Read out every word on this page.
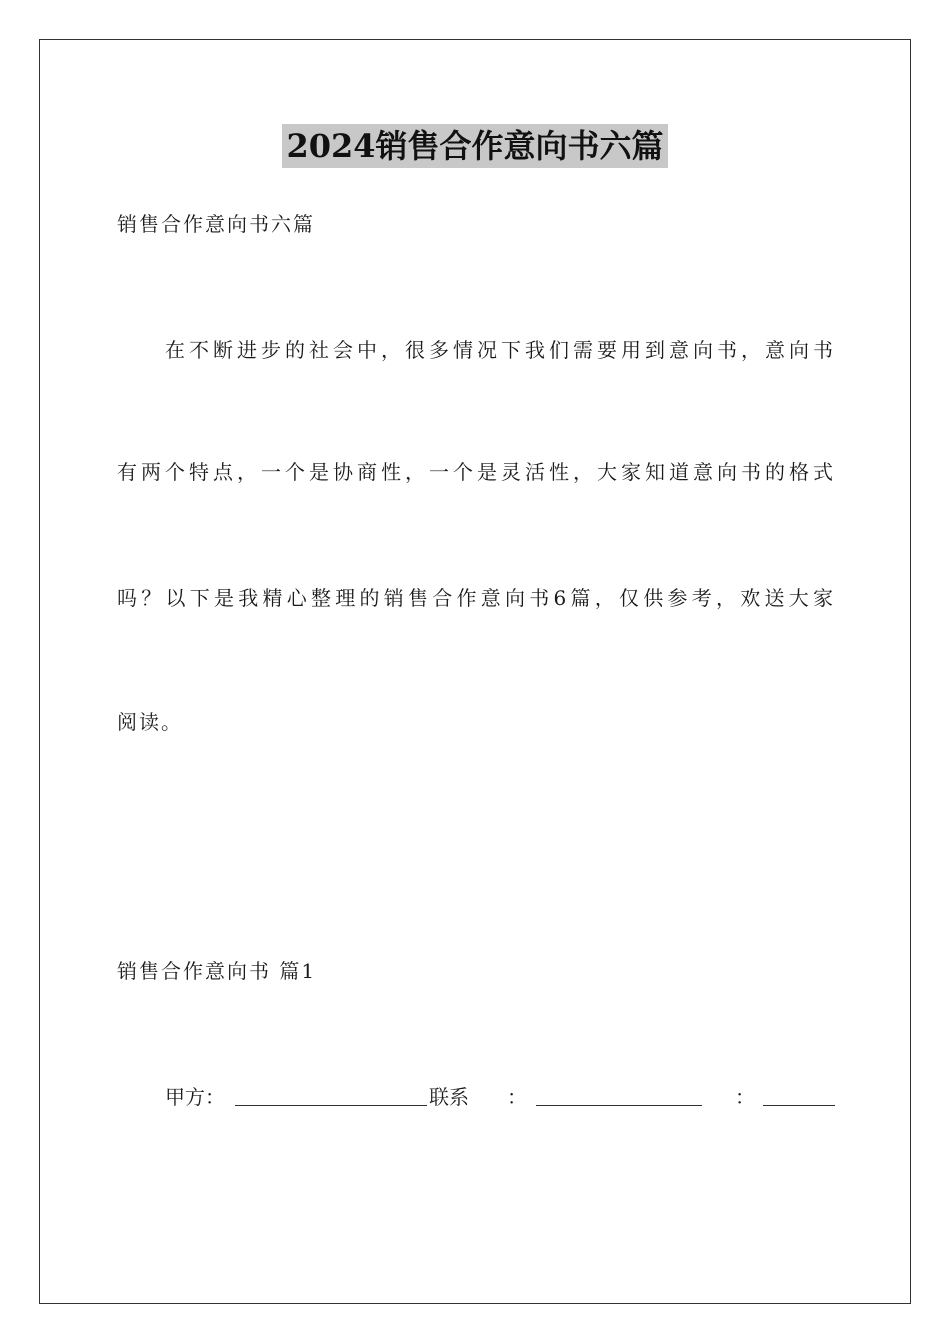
2024销售合作意向书六篇
销售合作意向书六篇
在不断进步的社会中，很多情况下我们需要用到意向书，意向书
有两个特点，一个是协商性，一个是灵活性，大家知道意向书的格式
吗？以下是我精心整理的销售合作意向书6篇，仅供参考，欢送大家
阅读。
销售合作意向书 篇1
甲方：	联系 ：	：
